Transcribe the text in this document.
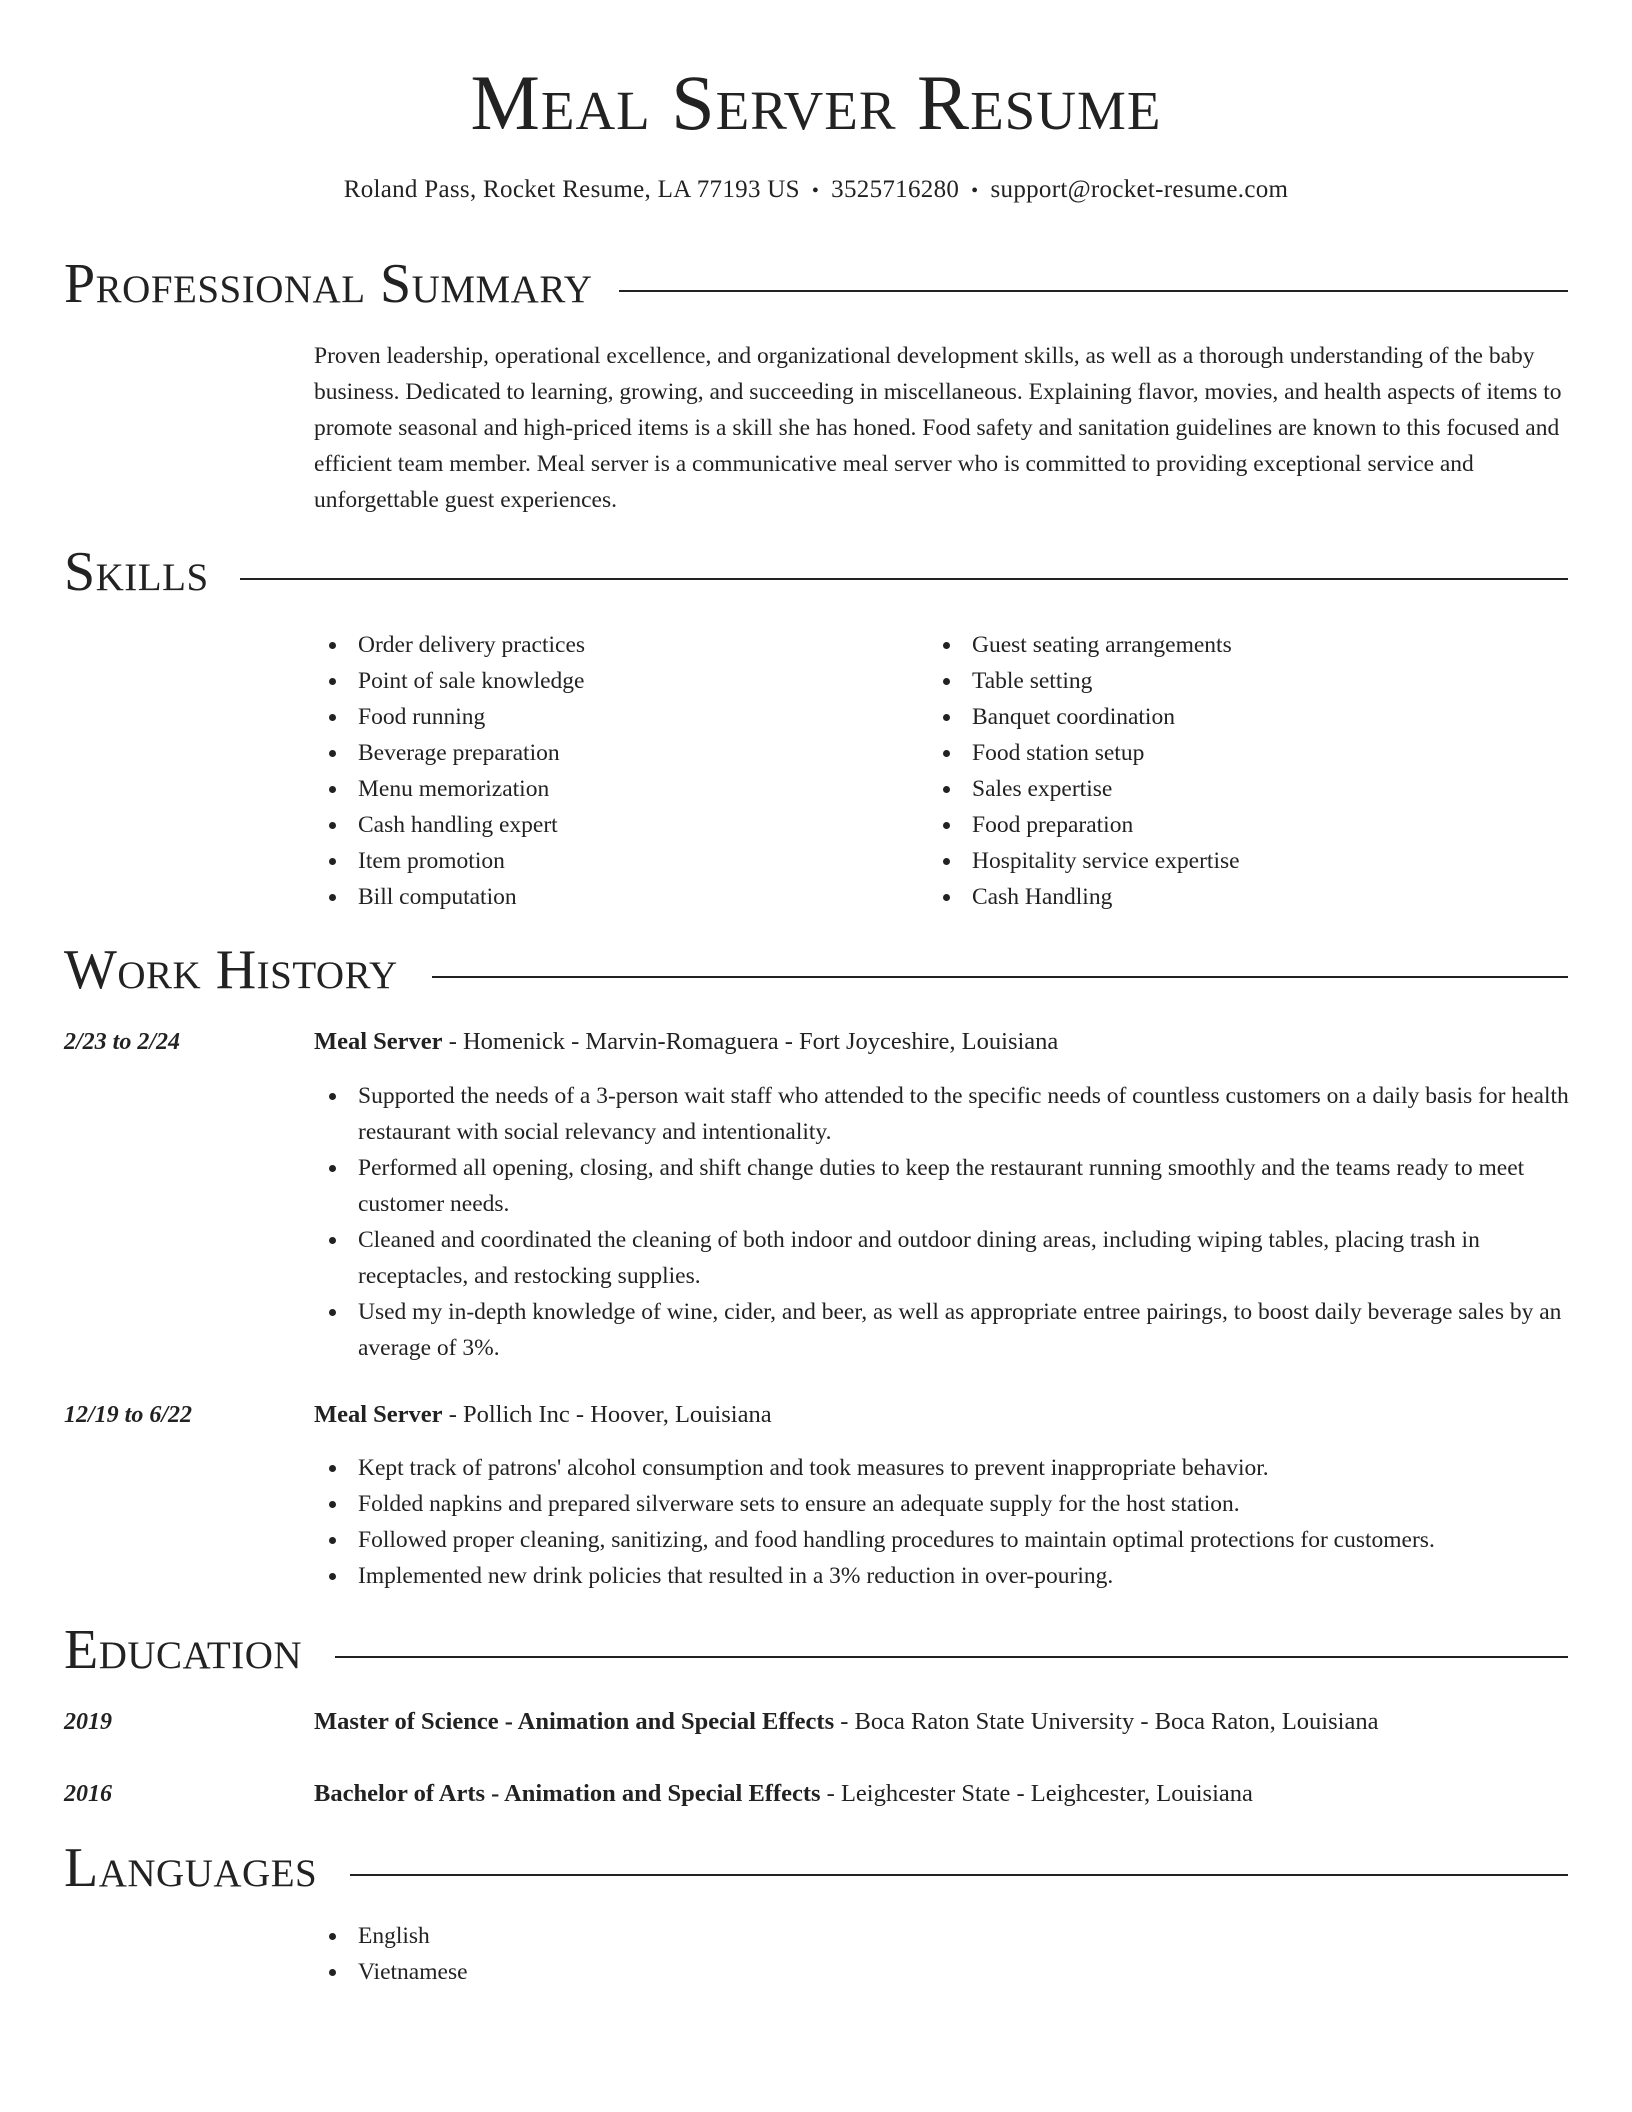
Meal Server Resume
Roland Pass, Rocket Resume, LA 77193 US • 3525716280 • support@rocket-resume.com
Professional Summary

Proven leadership, operational excellence, and organizational development skills, as well as a thorough understanding of the baby business. Dedicated to learning, growing, and succeeding in miscellaneous. Explaining flavor, movies, and health aspects of items to promote seasonal and high-priced items is a skill she has honed. Food safety and sanitation guidelines are known to this focused and efficient team member. Meal server is a communicative meal server who is committed to providing exceptional service and unforgettable guest experiences.

Skills
Order delivery practices
Point of sale knowledge
Food running
Beverage preparation
Menu memorization
Cash handling expert
Item promotion
Bill computation
Guest seating arrangements
Table setting
Banquet coordination
Food station setup
Sales expertise
Food preparation
Hospitality service expertise
Cash Handling
Work History
2/23 to 2/24	Meal Server - Homenick - Marvin-Romaguera - Fort Joyceshire, Louisiana
Supported the needs of a 3-person wait staff who attended to the specific needs of countless customers on a daily basis for health restaurant with social relevancy and intentionality.
Performed all opening, closing, and shift change duties to keep the restaurant running smoothly and the teams ready to meet customer needs.
Cleaned and coordinated the cleaning of both indoor and outdoor dining areas, including wiping tables, placing trash in receptacles, and restocking supplies.
Used my in-depth knowledge of wine, cider, and beer, as well as appropriate entree pairings, to boost daily beverage sales by an average of 3%.
12/19 to 6/22	Meal Server - Pollich Inc - Hoover, Louisiana
Kept track of patrons' alcohol consumption and took measures to prevent inappropriate behavior.
Folded napkins and prepared silverware sets to ensure an adequate supply for the host station.
Followed proper cleaning, sanitizing, and food handling procedures to maintain optimal protections for customers.
Implemented new drink policies that resulted in a 3% reduction in over-pouring.
Education
2019	Master of Science - Animation and Special Effects - Boca Raton State University - Boca Raton, Louisiana
2016	Bachelor of Arts - Animation and Special Effects - Leighcester State - Leighcester, Louisiana
Languages
English
Vietnamese
